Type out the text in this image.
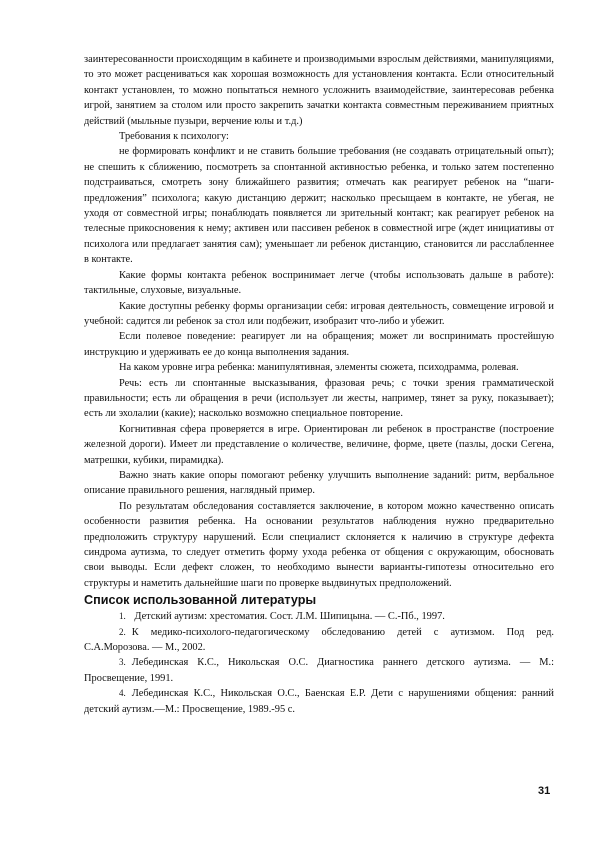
заинтересованности происходящим в кабинете и производимыми взрослым действиями, манипуляциями, то это может расцениваться как хорошая возможность для установления контакта. Если относительный контакт установлен, то можно попытаться немного усложнить взаимодействие, заинтересовав ребенка игрой, занятием за столом или просто закрепить зачатки контакта совместным переживанием приятных действий (мыльные пузыри, верчение юлы и т.д.)

Требования к психологу:

не формировать конфликт и не ставить большие требования (не создавать отрицательный опыт); не спешить к сближению, посмотреть за спонтанной активностью ребенка, и только затем постепенно подстраиваться, смотреть зону ближайшего развития; отмечать как реагирует ребенок на “шаги-предложения” психолога; какую дистанцию держит; насколько пресыщаем в контакте, не убегая, не уходя от совместной игры; понаблюдать появляется ли зрительный контакт; как реагирует ребенок на телесные прикосновения к нему; активен или пассивен ребенок в совместной игре (ждет инициативы от психолога или предлагает занятия сам); уменьшает ли ребенок дистанцию, становится ли расслабленнее в контакте.

Какие формы контакта ребенок воспринимает легче (чтобы использовать дальше в работе): тактильные, слуховые, визуальные.

Какие доступны ребенку формы организации себя: игровая деятельность, совмещение игровой и учебной: садится ли ребенок за стол или подбежит, изобразит что-либо и убежит.

Если полевое поведение: реагирует ли на обращения; может ли воспринимать простейшую инструкцию и удерживать ее до конца выполнения задания.

На каком уровне игра ребенка: манипулятивная, элементы сюжета, психодрамма, ролевая.

Речь: есть ли спонтанные высказывания, фразовая речь; с точки зрения грамматической правильности; есть ли обращения в речи (использует ли жесты, например, тянет за руку, показывает); есть ли эхолалии (какие); насколько возможно специальное повторение.

Когнитивная сфера проверяется в игре. Ориентирован ли ребенок в пространстве (построение железной дороги). Имеет ли представление о количестве, величине, форме, цвете (пазлы, доски Сегена, матрешки, кубики, пирамидка).

Важно знать какие опоры помогают ребенку улучшить выполнение заданий: ритм, вербальное описание правильного решения, наглядный пример.

По результатам обследования составляется заключение, в котором можно качественно описать особенности развития ребенка. На основании результатов наблюдения нужно предварительно предположить структуру нарушений. Если специалист склоняется к наличию в структуре дефекта синдрома аутизма, то следует отметить форму ухода ребенка от общения с окружающим, обосновать свои выводы. Если дефект сложен, то необходимо вынести варианты-гипотезы относительно его структуры и наметить дальнейшие шаги по проверке выдвинутых предположений.

Список использованной литературы

1. Детский аутизм: хрестоматия. Сост. Л.М. Шипицына. — С.-Пб., 1997.

2. К медико-психолого-педагогическому обследованию детей с аутизмом. Под ред. С.А.Морозова. — М., 2002.

3. Лебединская К.С., Никольская О.С. Диагностика раннего детского аутизма. — М.: Просвещение, 1991.

4. Лебединская К.С., Никольская О.С., Баенская Е.Р. Дети с нарушениями общения: ранний детский аутизм.—М.: Просвещение, 1989.-95 с.

31
